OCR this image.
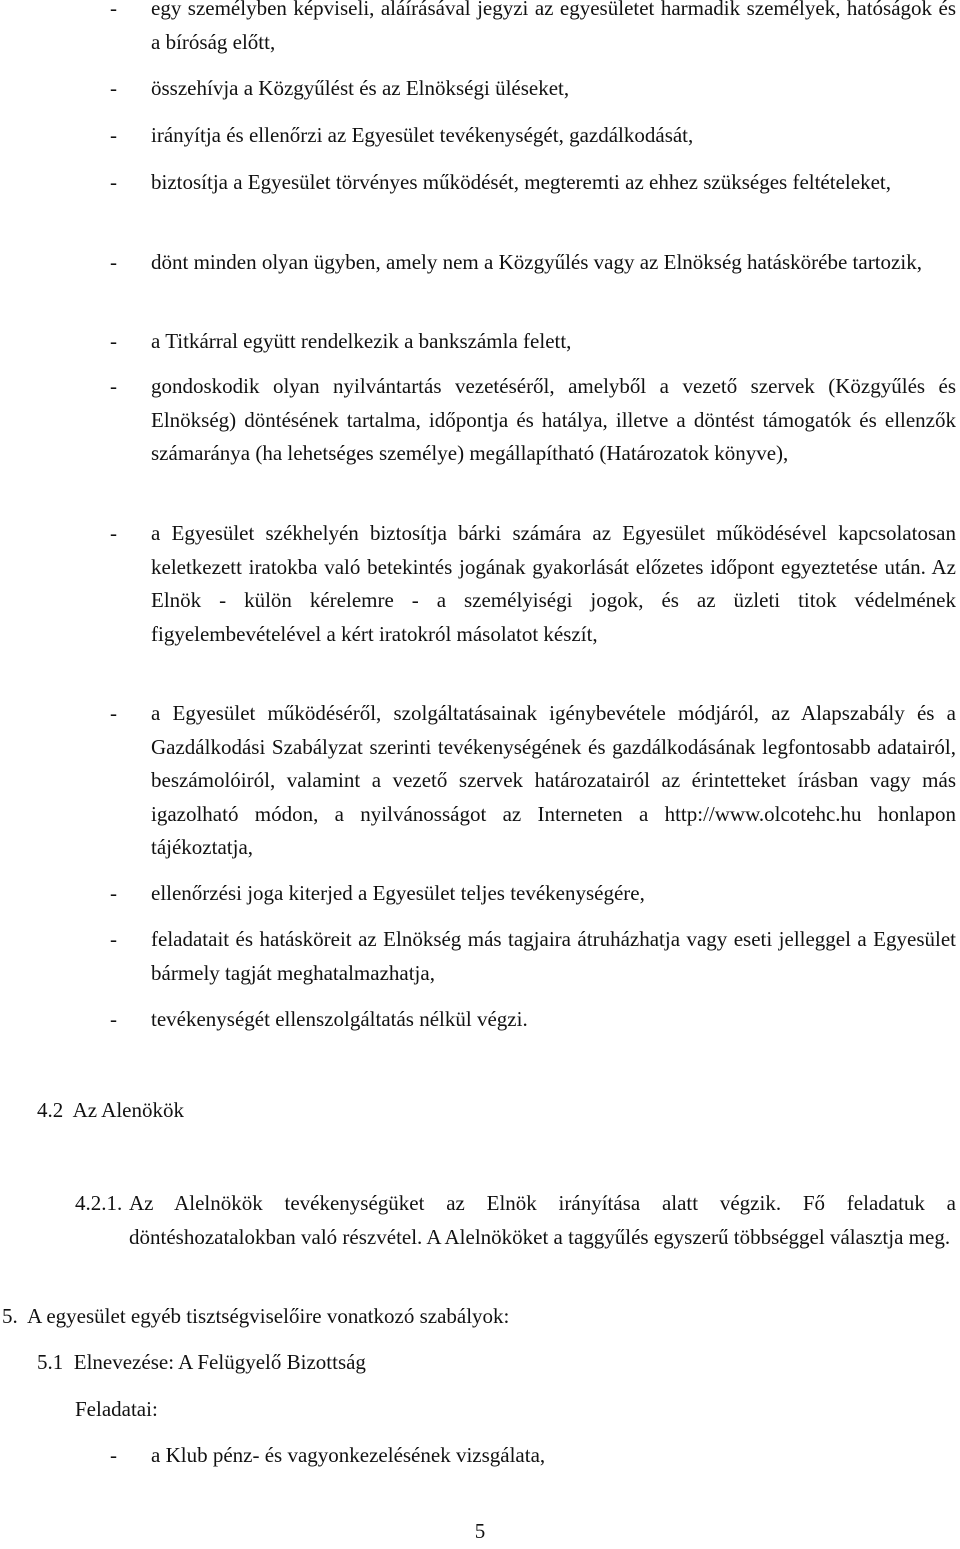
- egy személyben képviseli, aláírásával jegyzi az egyesületet harmadik személyek, hatóságok és a bíróság előtt,
- összehívja a Közgyűlést és az Elnökségi üléseket,
- irányítja és ellenőrzi az Egyesület tevékenységét, gazdálkodását,
- biztosítja a Egyesület törvényes működését, megteremti az ehhez szükséges feltételeket,
- dönt minden olyan ügyben, amely nem a Közgyűlés vagy az Elnökség hatáskörébe tartozik,
- a Titkárral együtt rendelkezik a bankszámla felett,
- gondoskodik olyan nyilvántartás vezetéséről, amelyből a vezető szervek (Közgyűlés és Elnökség) döntésének tartalma, időpontja és hatálya, illetve a döntést támogatók és ellenzők számaránya (ha lehetséges személye) megállapítható (Határozatok könyve),
- a Egyesület székhelyén biztosítja bárki számára az Egyesület működésével kapcsolatosan keletkezett iratokba való betekintés jogának gyakorlását előzetes időpont egyeztetése után. Az Elnök - külön kérelemre - a személyiségi jogok, és az üzleti titok védelmének figyelembevételével a kért iratokról másolatot készít,
- a Egyesület működéséről, szolgáltatásainak igénybevétele módjáról, az Alapszabály és a Gazdálkodási Szabályzat szerinti tevékenységének és gazdálkodásának legfontosabb adatairól, beszámolóiról, valamint a vezető szervek határozatairól az érintetteket írásban vagy más igazolható módon, a nyilvánosságot az Interneten a http://www.olcotehc.hu honlapon tájékoztatja,
- ellenőrzési joga kiterjed a Egyesület teljes tevékenységére,
- feladatait és hatásköreit az Elnökség más tagjaira átruházhatja vagy eseti jelleggel a Egyesület bármely tagját meghatalmazhatja,
- tevékenységét ellenszolgáltatás nélkül végzi.
4.2  Az Alenökök
4.2.1. Az Alelnökök tevékenységüket az Elnök irányítása alatt végzik. Fő feladatuk a döntéshozatalokban való részvétel. A Alelnököket a taggyűlés egyszerű többséggel választja meg.
5.  A egyesület egyéb tisztségviselőire vonatkozó szabályok:
5.1  Elnevezése: A Felügyelő Bizottság
Feladatai:
- a Klub pénz- és vagyonkezelésének vizsgálata,
5
